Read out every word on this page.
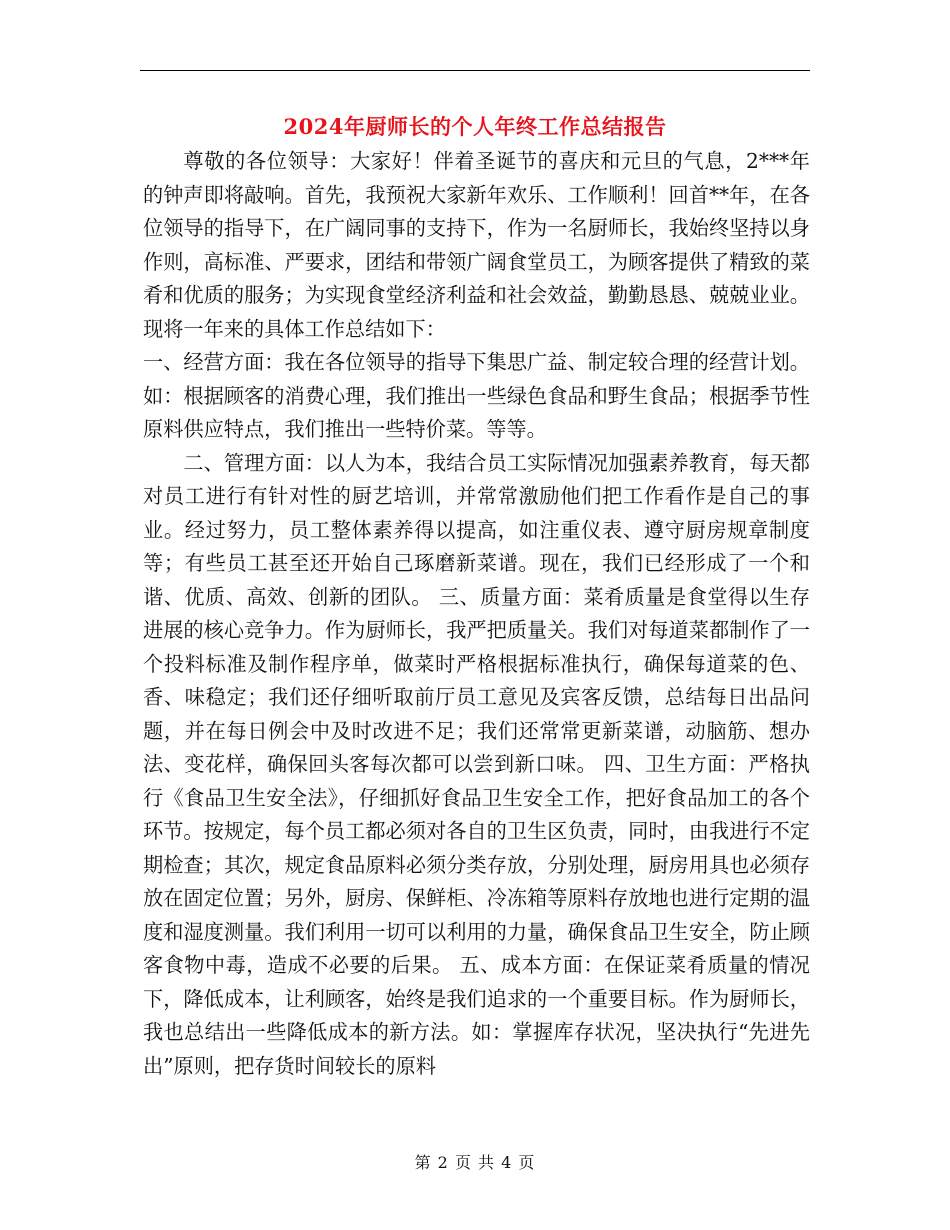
2024年厨师长的个人年终工作总结报告

尊敬的各位领导：大家好！伴着圣诞节的喜庆和元旦的气息，2***年的钟声即将敲响。首先，我预祝大家新年欢乐、工作顺利！回首**年，在各位领导的指导下，在广阔同事的支持下，作为一名厨师长，我始终坚持以身作则，高标准、严要求，团结和带领广阔食堂员工，为顾客提供了精致的菜肴和优质的服务；为实现食堂经济利益和社会效益，勤勤恳恳、兢兢业业。现将一年来的具体工作总结如下：

一、经营方面：我在各位领导的指导下集思广益、制定较合理的经营计划。如：根据顾客的消费心理，我们推出一些绿色食品和野生食品；根据季节性原料供应特点，我们推出一些特价菜。等等。

二、管理方面：以人为本，我结合员工实际情况加强素养教育，每天都对员工进行有针对性的厨艺培训，并常常激励他们把工作看作是自己的事业。经过努力，员工整体素养得以提高，如注重仪表、遵守厨房规章制度等；有些员工甚至还开始自己琢磨新菜谱。现在，我们已经形成了一个和谐、优质、高效、创新的团队。 三、质量方面：菜肴质量是食堂得以生存进展的核心竞争力。作为厨师长，我严把质量关。我们对每道菜都制作了一个投料标准及制作程序单，做菜时严格根据标准执行，确保每道菜的色、香、味稳定；我们还仔细听取前厅员工意见及宾客反馈，总结每日出品问题，并在每日例会中及时改进不足；我们还常常更新菜谱，动脑筋、想办法、变花样，确保回头客每次都可以尝到新口味。 四、卫生方面：严格执行《食品卫生安全法》，仔细抓好食品卫生安全工作，把好食品加工的各个环节。按规定，每个员工都必须对各自的卫生区负责，同时，由我进行不定期检查；其次，规定食品原料必须分类存放，分别处理，厨房用具也必须存放在固定位置；另外，厨房、保鲜柜、冷冻箱等原料存放地也进行定期的温度和湿度测量。我们利用一切可以利用的力量，确保食品卫生安全，防止顾客食物中毒，造成不必要的后果。 五、成本方面：在保证菜肴质量的情况下，降低成本，让利顾客，始终是我们追求的一个重要目标。作为厨师长，我也总结出一些降低成本的新方法。如：掌握库存状况，坚决执行“先进先出”原则，把存货时间较长的原料

第 2 页 共 4 页
